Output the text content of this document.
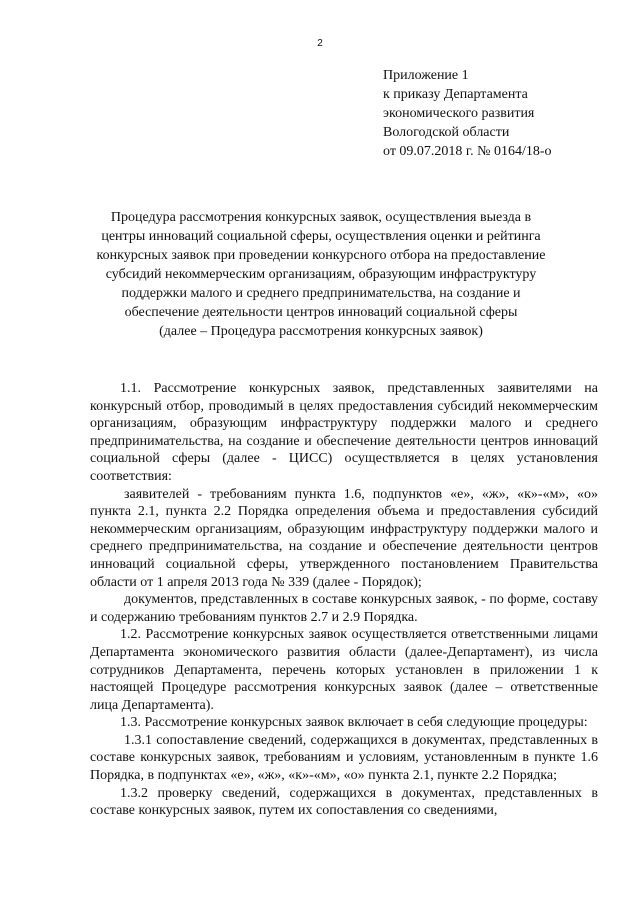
2
Приложение 1
к приказу Департамента
экономического развития
Вологодской области
от 09.07.2018 г. № 0164/18-о
Процедура рассмотрения конкурсных заявок, осуществления выезда в
центры инноваций социальной сферы, осуществления оценки и рейтинга
конкурсных заявок при проведении конкурсного отбора на предоставление
субсидий некоммерческим организациям, образующим инфраструктуру
поддержки малого и среднего предпринимательства, на создание и
обеспечение деятельности центров инноваций социальной сферы
(далее – Процедура рассмотрения конкурсных заявок)

1.1. Рассмотрение конкурсных заявок, представленных заявителями на конкурсный отбор, проводимый в целях предоставления субсидий некоммерческим организациям, образующим инфраструктуру поддержки малого и среднего предпринимательства, на создание и обеспечение деятельности центров инноваций социальной сферы (далее - ЦИСС) осуществляется в целях установления соответствия:

заявителей - требованиям пункта 1.6, подпунктов «е», «ж», «к»-«м», «о» пункта 2.1, пункта 2.2 Порядка определения объема и предоставления субсидий некоммерческим организациям, образующим инфраструктуру поддержки малого и среднего предпринимательства, на создание и обеспечение деятельности центров инноваций социальной сферы, утвержденного постановлением Правительства области от 1 апреля 2013 года № 339 (далее - Порядок);

документов, представленных в составе конкурсных заявок, - по форме, составу и содержанию требованиям пунктов 2.7 и 2.9 Порядка.

1.2. Рассмотрение конкурсных заявок осуществляется ответственными лицами Департамента экономического развития области (далее-Департамент), из числа сотрудников Департамента, перечень которых установлен в приложении 1 к настоящей Процедуре рассмотрения конкурсных заявок (далее – ответственные лица Департамента).

1.3. Рассмотрение конкурсных заявок включает в себя следующие процедуры:

1.3.1 сопоставление сведений, содержащихся в документах, представленных в составе конкурсных заявок, требованиям и условиям, установленным в пункте 1.6 Порядка, в подпунктах «е», «ж», «к»-«м», «о» пункта 2.1, пункте 2.2 Порядка;

1.3.2 проверку сведений, содержащихся в документах, представленных в составе конкурсных заявок, путем их сопоставления со сведениями,
